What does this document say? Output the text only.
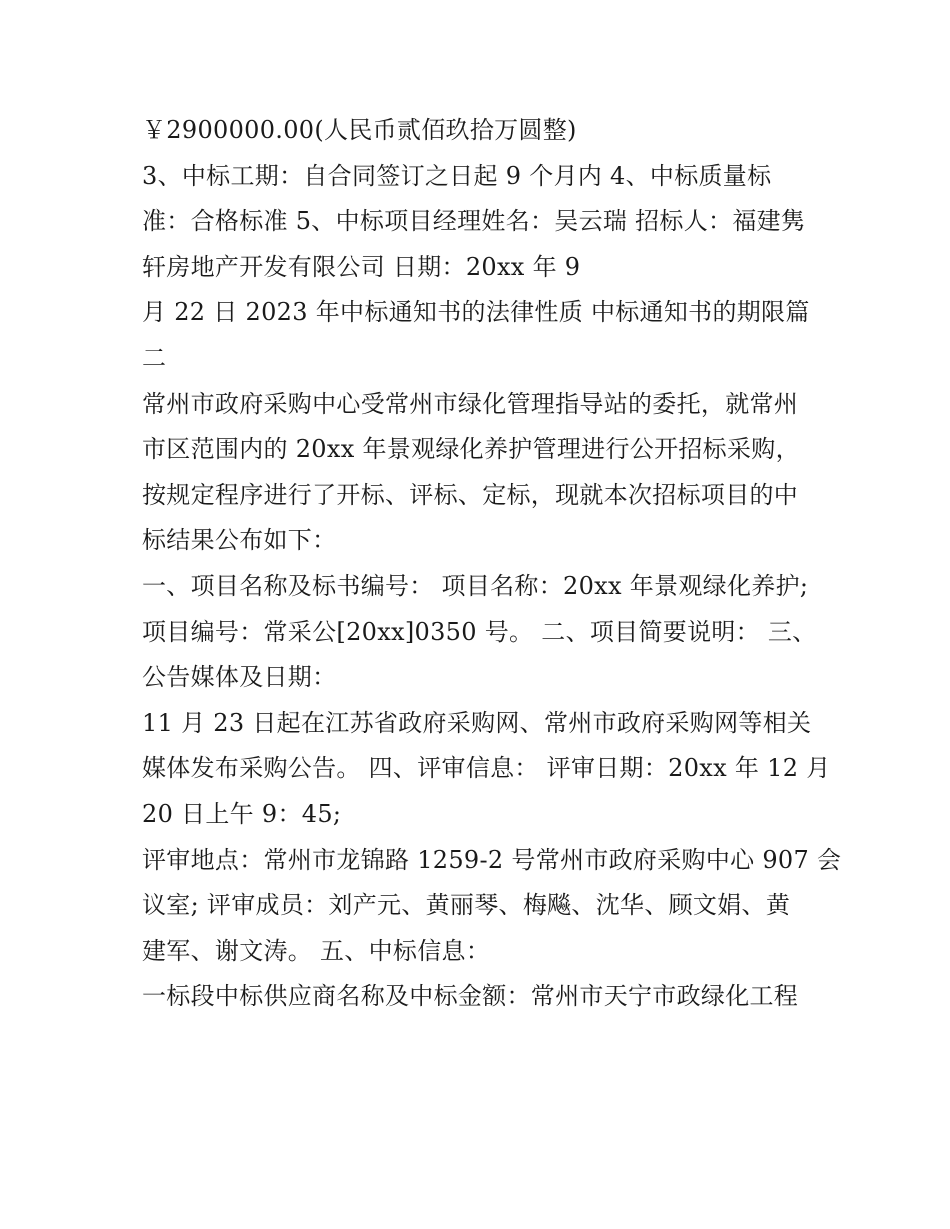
￥2900000.00(人民币贰佰玖拾万圆整)
3、中标工期：自合同签订之日起 9 个月内 4、中标质量标
准：合格标准 5、中标项目经理姓名：吴云瑞 招标人：福建隽
轩房地产开发有限公司 日期：20xx 年 9
月 22 日 2023 年中标通知书的法律性质 中标通知书的期限篇
二
常州市政府采购中心受常州市绿化管理指导站的委托，就常州
市区范围内的 20xx 年景观绿化养护管理进行公开招标采购，
按规定程序进行了开标、评标、定标，现就本次招标项目的中
标结果公布如下：
一、项目名称及标书编号： 项目名称：20xx 年景观绿化养护;
项目编号：常采公[20xx]0350 号。 二、项目简要说明： 三、
公告媒体及日期：
11 月 23 日起在江苏省政府采购网、常州市政府采购网等相关
媒体发布采购公告。 四、评审信息： 评审日期：20xx 年 12 月
20 日上午 9：45;
评审地点：常州市龙锦路 1259-2 号常州市政府采购中心 907 会
议室; 评审成员：刘产元、黄丽琴、梅飚、沈华、顾文娟、黄
建军、谢文涛。 五、中标信息：
一标段中标供应商名称及中标金额：常州市天宁市政绿化工程
